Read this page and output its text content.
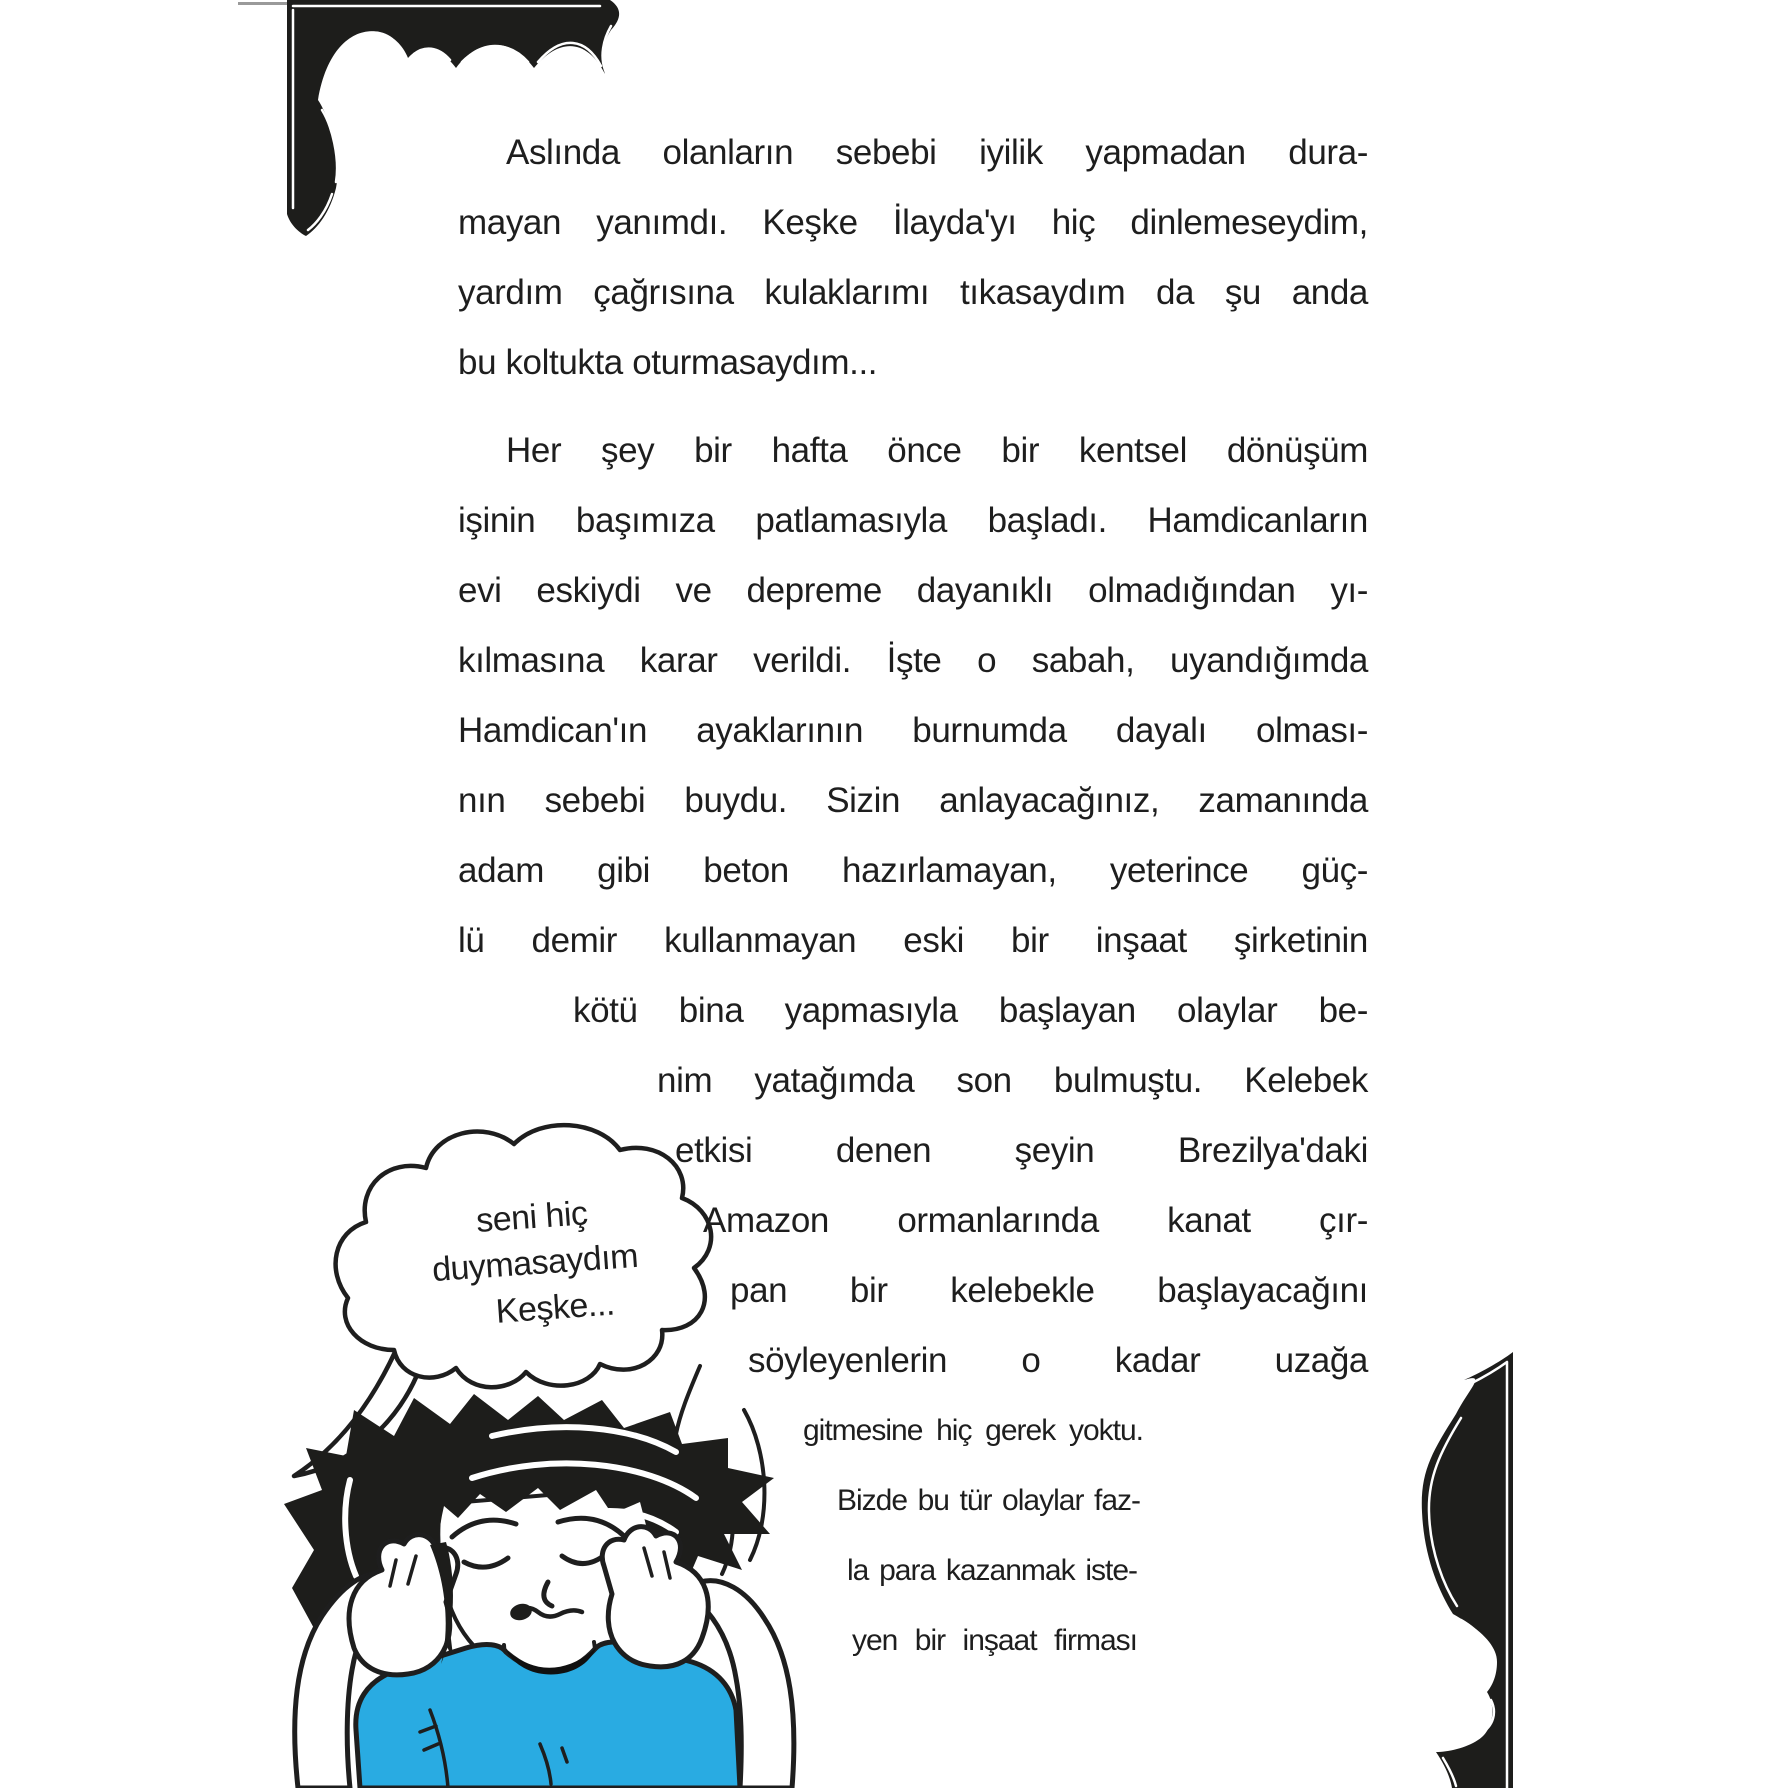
Aslında olanların sebebi iyilik yapmadan dura-
mayan yanımdı. Keşke İlayda'yı hiç dinlemeseydim,
yardım çağrısına kulaklarımı tıkasaydım da şu anda
bu koltukta oturmasaydım...
Her şey bir hafta önce bir kentsel dönüşüm
işinin başımıza patlamasıyla başladı. Hamdicanların
evi eskiydi ve depreme dayanıklı olmadığından yı-
kılmasına karar verildi. İşte o sabah, uyandığımda
Hamdican'ın ayaklarının burnumda dayalı olması-
nın sebebi buydu. Sizin anlayacağınız, zamanında
adam gibi beton hazırlamayan, yeterince güç-
lü demir kullanmayan eski bir inşaat şirketinin
kötü bina yapmasıyla başlayan olaylar be-
nim yatağımda son bulmuştu. Kelebek
etkisi denen şeyin Brezilya'daki
Amazon ormanlarında kanat çır-
pan bir kelebekle başlayacağını
söyleyenlerin o kadar uzağa
gitmesine hiç gerek yoktu.
Bizde bu tür olaylar faz-
la para kazanmak iste-
yen bir inşaat firması
seni hiç
duymasaydım
Keşke...
